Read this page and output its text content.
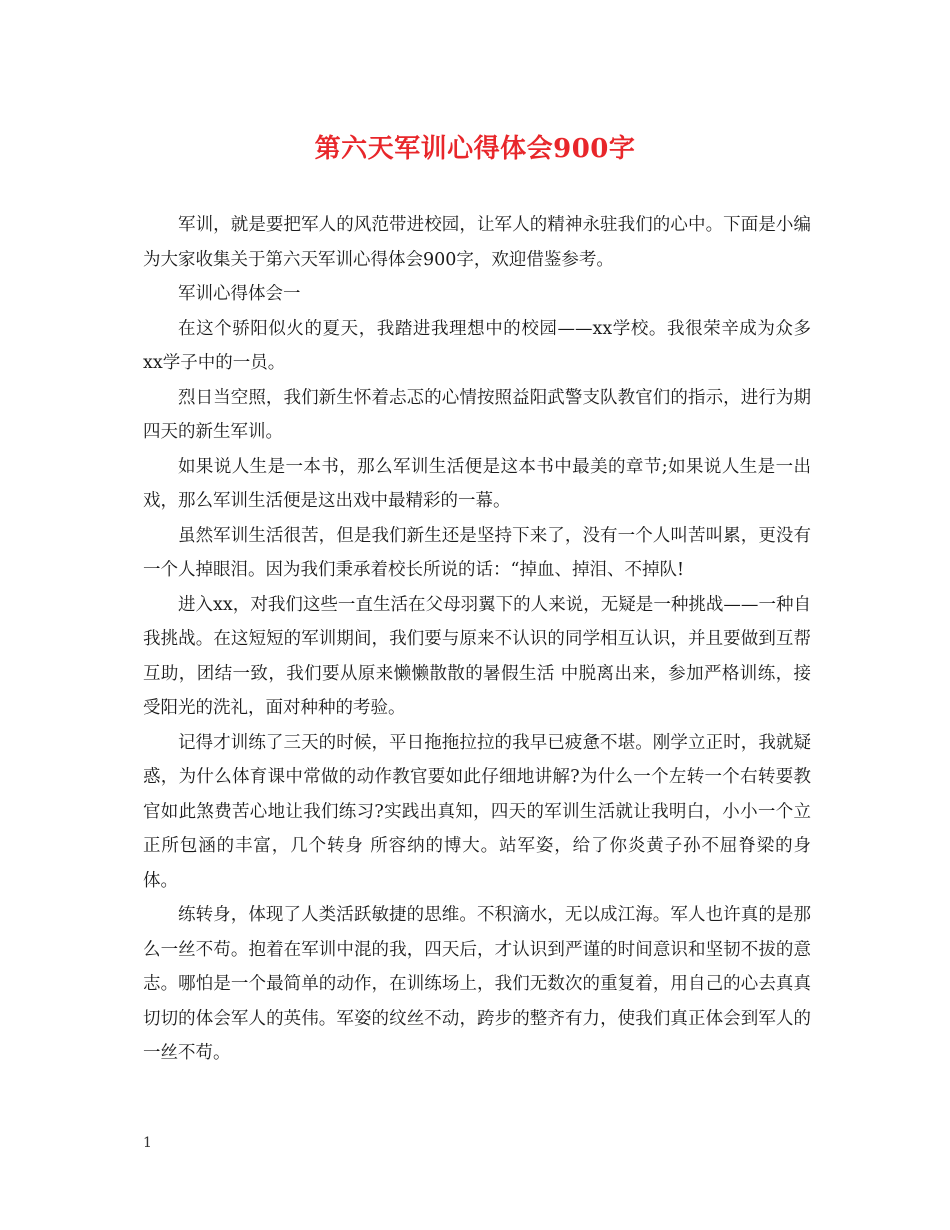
第六天军训心得体会900字

军训，就是要把军人的风范带进校园，让军人的精神永驻我们的心中。下面是小编为大家收集关于第六天军训心得体会900字，欢迎借鉴参考。

军训心得体会一

在这个骄阳似火的夏天，我踏进我理想中的校园——xx学校。我很荣辛成为众多xx学子中的一员。

烈日当空照，我们新生怀着忐忑的心情按照益阳武警支队教官们的指示，进行为期四天的新生军训。

如果说人生是一本书，那么军训生活便是这本书中最美的章节;如果说人生是一出戏，那么军训生活便是这出戏中最精彩的一幕。

虽然军训生活很苦，但是我们新生还是坚持下来了，没有一个人叫苦叫累，更没有一个人掉眼泪。因为我们秉承着校长所说的话：“掉血、掉泪、不掉队!

进入xx，对我们这些一直生活在父母羽翼下的人来说，无疑是一种挑战——一种自我挑战。在这短短的军训期间，我们要与原来不认识的同学相互认识，并且要做到互帮互助，团结一致，我们要从原来懒懒散散的暑假生活 中脱离出来，参加严格训练，接受阳光的洗礼，面对种种的考验。

记得才训练了三天的时候，平日拖拖拉拉的我早已疲惫不堪。刚学立正时，我就疑惑，为什么体育课中常做的动作教官要如此仔细地讲解?为什么一个左转一个右转要教官如此煞费苦心地让我们练习?实践出真知，四天的军训生活就让我明白，小小一个立正所包涵的丰富，几个转身 所容纳的博大。站军姿，给了你炎黄子孙不屈脊梁的身体。

练转身，体现了人类活跃敏捷的思维。不积滴水，无以成江海。军人也许真的是那么一丝不苟。抱着在军训中混的我，四天后，才认识到严谨的时间意识和坚韧不拔的意志。哪怕是一个最简单的动作，在训练场上，我们无数次的重复着，用自己的心去真真切切的体会军人的英伟。军姿的纹丝不动，跨步的整齐有力，使我们真正体会到军人的一丝不苟。

1
